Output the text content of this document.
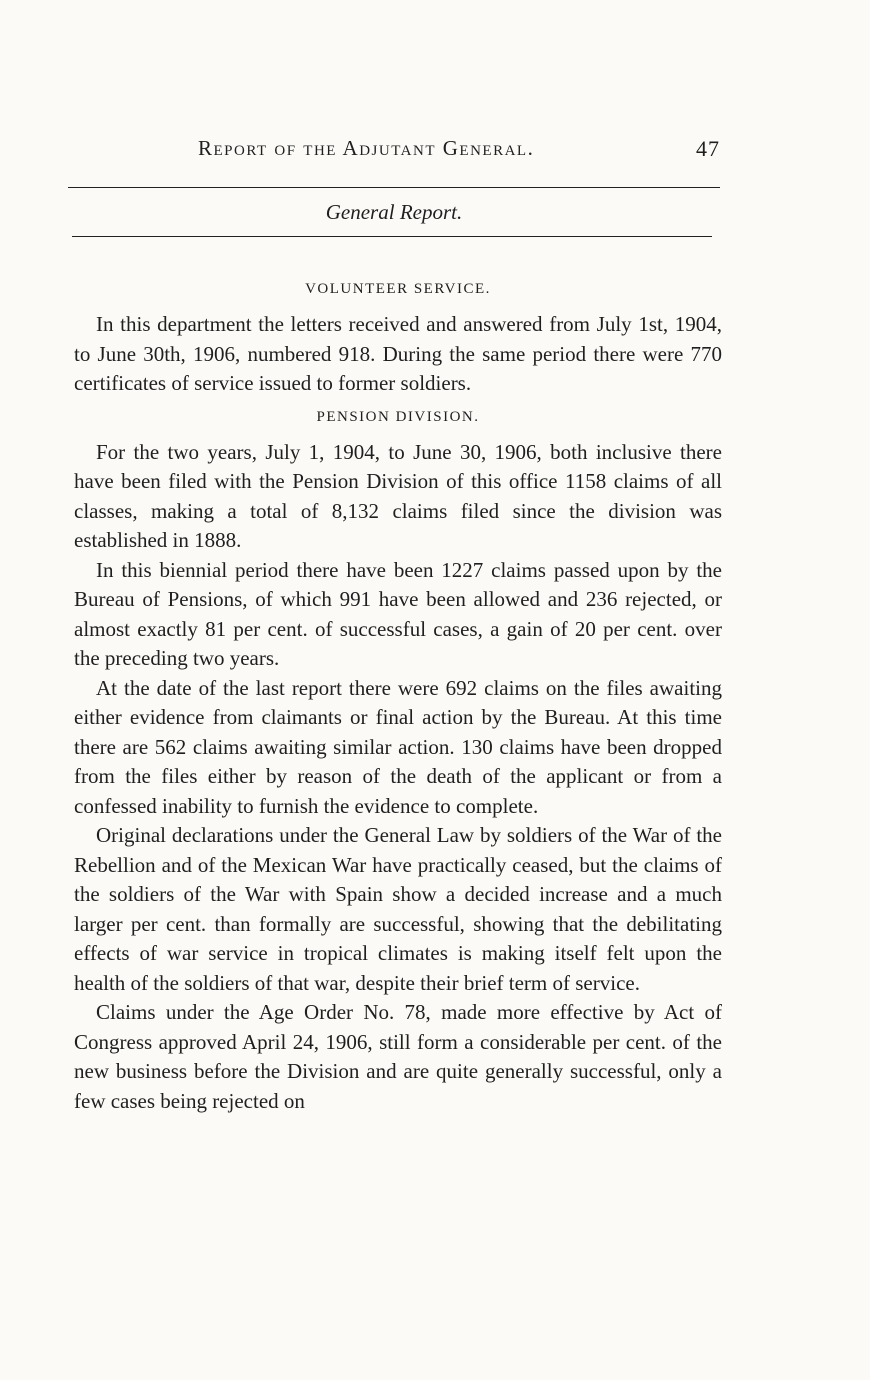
Report of the Adjutant General.	47
General Report.
VOLUNTEER SERVICE.

In this department the letters received and answered from July 1st, 1904, to June 30th, 1906, numbered 918. During the same period there were 770 certificates of service issued to former soldiers.

PENSION DIVISION.

For the two years, July 1, 1904, to June 30, 1906, both inclusive there have been filed with the Pension Division of this office 1158 claims of all classes, making a total of 8,132 claims filed since the division was established in 1888.

In this biennial period there have been 1227 claims passed upon by the Bureau of Pensions, of which 991 have been allowed and 236 rejected, or almost exactly 81 per cent. of successful cases, a gain of 20 per cent. over the preceding two years.

At the date of the last report there were 692 claims on the files awaiting either evidence from claimants or final action by the Bureau. At this time there are 562 claims awaiting similar action. 130 claims have been dropped from the files either by reason of the death of the applicant or from a confessed inability to furnish the evidence to complete.

Original declarations under the General Law by soldiers of the War of the Rebellion and of the Mexican War have practically ceased, but the claims of the soldiers of the War with Spain show a decided increase and a much larger per cent. than formally are successful, showing that the debilitating effects of war service in tropical climates is making itself felt upon the health of the soldiers of that war, despite their brief term of service.

Claims under the Age Order No. 78, made more effective by Act of Congress approved April 24, 1906, still form a considerable per cent. of the new business before the Division and are quite generally successful, only a few cases being rejected on
